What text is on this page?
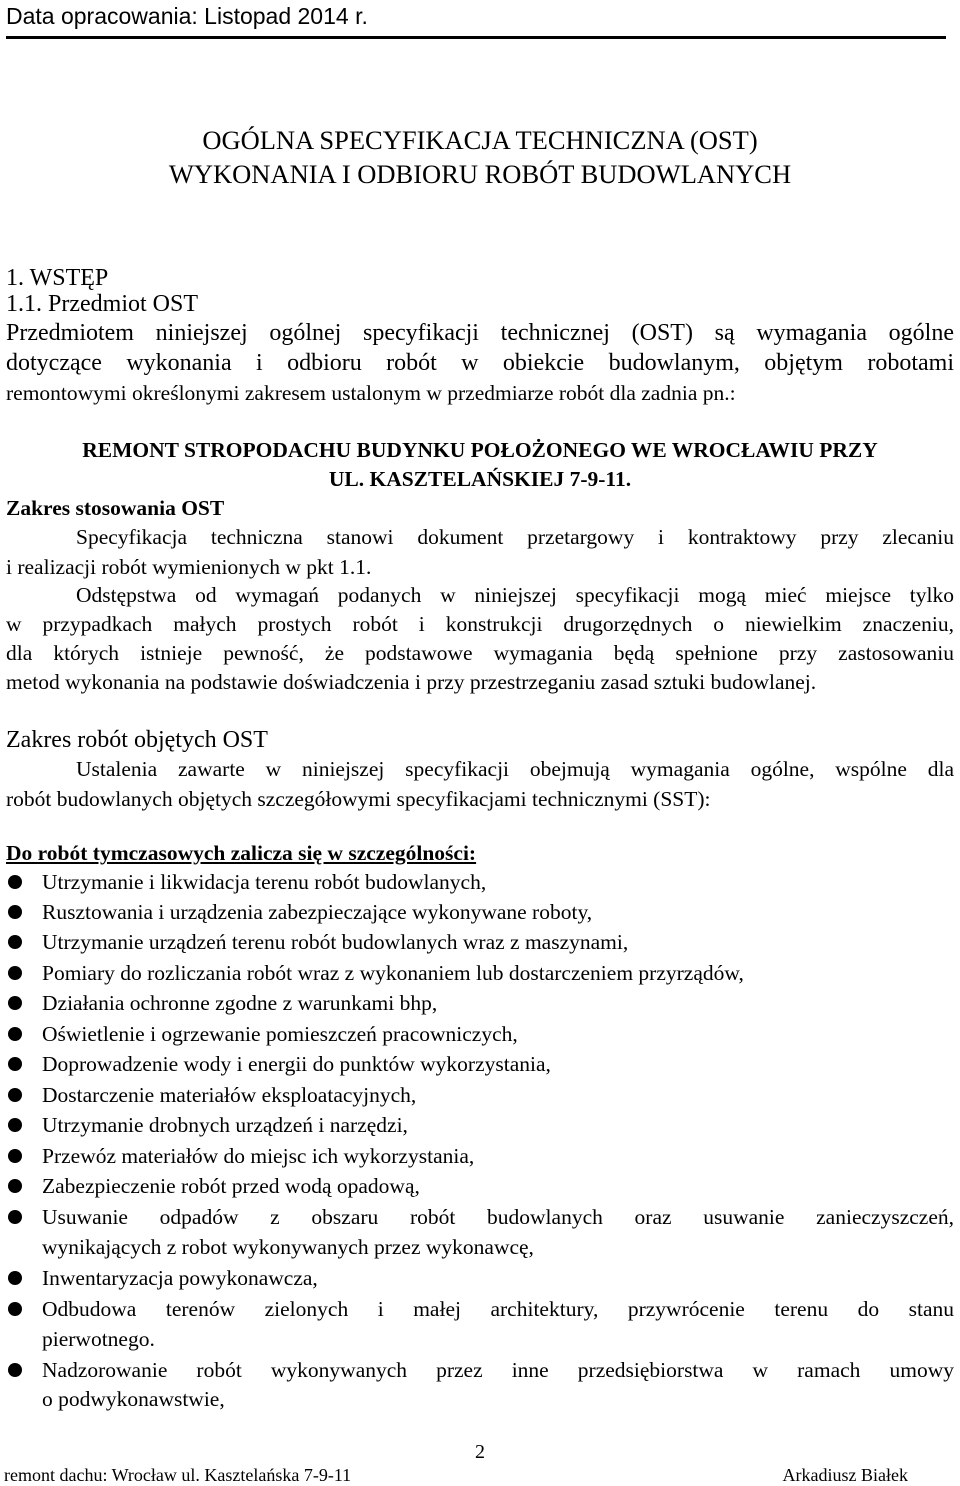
Data opracowania: Listopad 2014 r.
OGÓLNA SPECYFIKACJA TECHNICZNA (OST)
WYKONANIA I ODBIORU ROBÓT BUDOWLANYCH
1. WSTĘP
1.1. Przedmiot OST
Przedmiotem niniejszej ogólnej specyfikacji technicznej (OST) są wymagania ogólne
dotyczące wykonania i odbioru robót w obiekcie budowlanym, objętym robotami
remontowymi określonymi zakresem ustalonym w przedmiarze robót dla zadnia pn.:
REMONT STROPODACHU BUDYNKU POŁOŻONEGO WE WROCŁAWIU PRZY
UL. KASZTELAŃSKIEJ 7-9-11.
Zakres stosowania OST
Specyfikacja techniczna stanowi dokument przetargowy i kontraktowy przy zlecaniu
i realizacji robót wymienionych w pkt 1.1.
Odstępstwa od wymagań podanych w niniejszej specyfikacji mogą mieć miejsce tylko
w przypadkach małych prostych robót i konstrukcji drugorzędnych o niewielkim znaczeniu,
dla których istnieje pewność, że podstawowe wymagania będą spełnione przy zastosowaniu
metod wykonania na podstawie doświadczenia i przy przestrzeganiu zasad sztuki budowlanej.
Zakres robót objętych OST
Ustalenia zawarte w niniejszej specyfikacji obejmują wymagania ogólne, wspólne dla
robót budowlanych objętych szczegółowymi specyfikacjami technicznymi (SST):
Do robót tymczasowych zalicza się w szczególności:
Utrzymanie i likwidacja terenu robót budowlanych,
Rusztowania i urządzenia zabezpieczające wykonywane roboty,
Utrzymanie urządzeń terenu robót budowlanych wraz z maszynami,
Pomiary do rozliczania robót wraz z wykonaniem lub dostarczeniem przyrządów,
Działania ochronne zgodne z warunkami bhp,
Oświetlenie i ogrzewanie pomieszczeń pracowniczych,
Doprowadzenie wody i energii do punktów wykorzystania,
Dostarczenie materiałów eksploatacyjnych,
Utrzymanie drobnych urządzeń i narzędzi,
Przewóz materiałów do miejsc ich wykorzystania,
Zabezpieczenie robót przed wodą opadową,
Usuwanie odpadów z obszaru robót budowlanych oraz usuwanie zanieczyszczeń,
wynikających z robot wykonywanych przez wykonawcę,
Inwentaryzacja powykonawcza,
Odbudowa terenów zielonych i małej architektury, przywrócenie terenu do stanu
pierwotnego.
Nadzorowanie robót wykonywanych przez inne przedsiębiorstwa w ramach umowy
o podwykonawstwie,
2
remont dachu: Wrocław ul. Kasztelańska 7-9-11	Arkadiusz Białek
